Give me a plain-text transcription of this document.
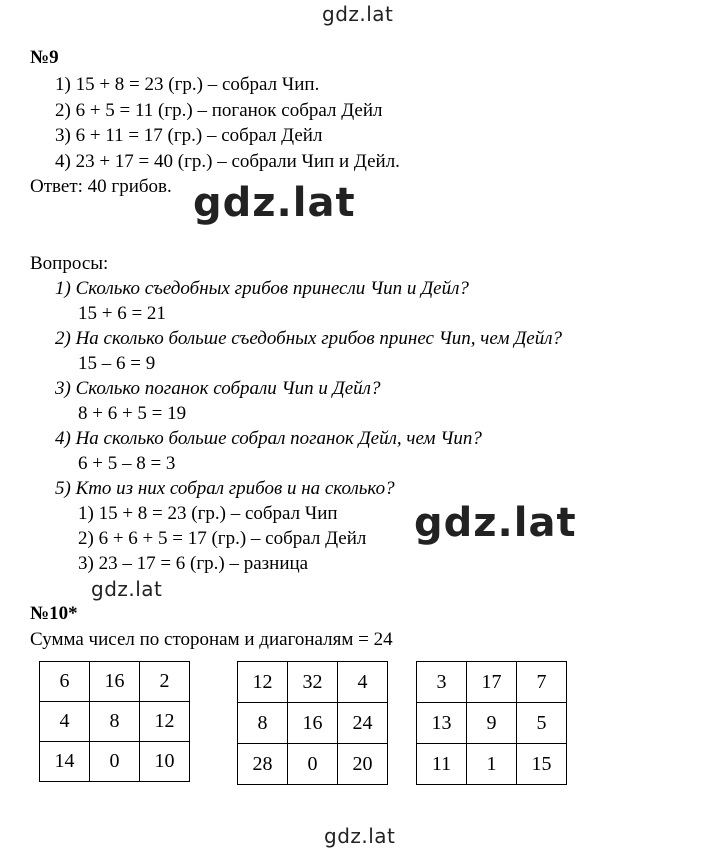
gdz.lat
gdz.lat
gdz.lat
gdz.lat
gdz.lat
№9
1) 15 + 8 = 23 (гр.) – собрал Чип.
2) 6 + 5 = 11 (гр.) – поганок собрал Дейл
3) 6 + 11 = 17 (гр.) – собрал Дейл
4) 23 + 17 = 40 (гр.) – собрали Чип и Дейл.
Ответ: 40 грибов.
Вопросы:
1) Сколько съедобных грибов принесли Чип и Дейл?
15 + 6 = 21
2) На сколько больше съедобных грибов принес Чип, чем Дейл?
15 – 6 = 9
3) Сколько поганок собрали Чип и Дейл?
8 + 6 + 5 = 19
4) На сколько больше собрал поганок Дейл, чем Чип?
6 + 5 – 8 = 3
5) Кто из них собрал грибов и на сколько?
1) 15 + 8 = 23 (гр.) – собрал Чип
2) 6 + 6 + 5 = 17 (гр.) – собрал Дейл
3) 23 – 17 = 6 (гр.) – разница
№10*
Сумма чисел по сторонам и диагоналям = 24
6	16	2
4	8	12
14	0	10
12	32	4
8	16	24
28	0	20
3	17	7
13	9	5
11	1	15
